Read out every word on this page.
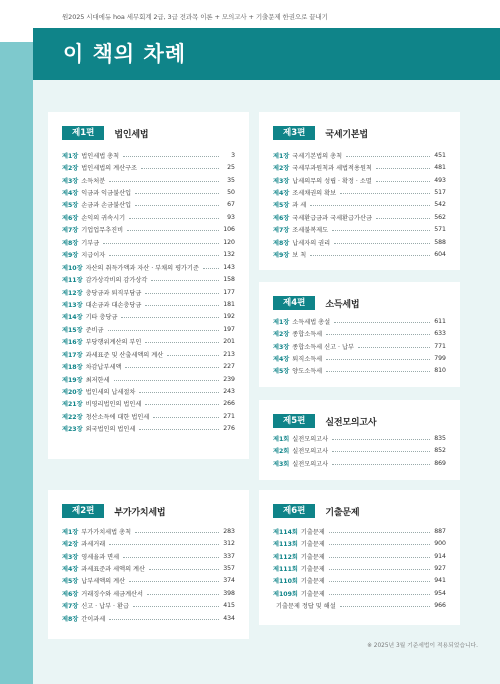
원2025 시대에듀 hoa 세무회계 2급, 3급 전과목 이론 + 모의고사 + 기출문제 한권으로 끝내기
이 책의 차례
제1편	법인세법
제1장 법인세법 총칙	3
제2장 법인세법의 계산구조	25
제3장 소득처분	35
제4장 익금과 익금불산입	50
제5장 손금과 손금불산입	67
제6장 손익의 귀속시기	93
제7장 기업업무추진비	106
제8장 기부금	120
제9장 지급이자	132
제10장 자산의 취득가액과 자산 · 부채의 평가기준	143
제11장 감가상각비의 감가상각	158
제12장 충당금과 퇴직부담금	177
제13장 대손금과 대손충당금	181
제14장 기타 충당금	192
제15장 준비금	197
제16장 부당행위계산의 부인	201
제17장 과세표준 및 산출세액의 계산	213
제18장 차감납부세액	227
제19장 최저한세	239
제20장 법인세의 납세절차	243
제21장 비영리법인의 법인세	266
제22장 청산소득에 대한 법인세	271
제23장 외국법인의 법인세	276
제3편	국세기본법
제1장 국세기본법의 총칙	451
제2장 국세부과원칙과 세법적용원칙	481
제3장 납세의무의 성립 · 확정 · 소멸	493
제4장 조세채권의 확보	517
제5장 과 세	542
제6장 국세환급금과 국세환급가산금	562
제7장 조세불복제도	571
제8장 납세자의 권리	588
제9장 보 칙	604
제4편	소득세법
제1장 소득세법 총설	611
제2장 종합소득세	633
제3장 종합소득세 신고 · 납부	771
제4장 퇴직소득세	799
제5장 양도소득세	810
제5편	실전모의고사
제1회 실전모의고사	835
제2회 실전모의고사	852
제3회 실전모의고사	869
제2편	부가가치세법
제1장 부가가치세법 총칙	283
제2장 과세거래	312
제3장 영세율과 면세	337
제4장 과세표준과 세액의 계산	357
제5장 납부세액의 계산	374
제6장 거래징수와 세금계산서	398
제7장 신고 · 납부 · 환급	415
제8장 간이과세	434
제6편	기출문제
제114회 기출문제	887
제113회 기출문제	900
제112회 기출문제	914
제111회 기출문제	927
제110회 기출문제	941
제109회 기출문제	954
기출문제 정답 및 해설	966
※ 2025년 3월 기준세법이 적용되었습니다.
